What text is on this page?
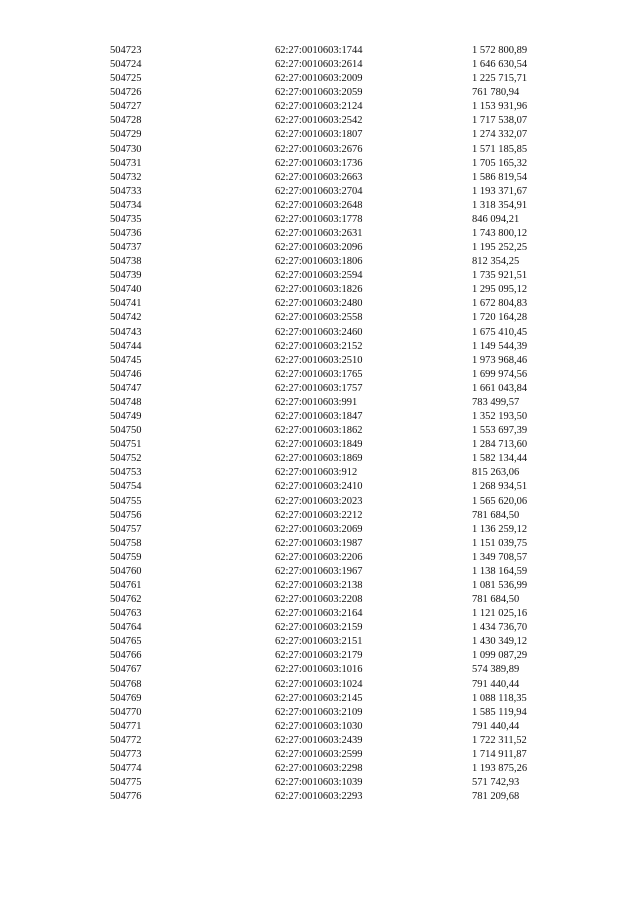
504723	62:27:0010603:1744	1 572 800,89
504724	62:27:0010603:2614	1 646 630,54
504725	62:27:0010603:2009	1 225 715,71
504726	62:27:0010603:2059	761 780,94
504727	62:27:0010603:2124	1 153 931,96
504728	62:27:0010603:2542	1 717 538,07
504729	62:27:0010603:1807	1 274 332,07
504730	62:27:0010603:2676	1 571 185,85
504731	62:27:0010603:1736	1 705 165,32
504732	62:27:0010603:2663	1 586 819,54
504733	62:27:0010603:2704	1 193 371,67
504734	62:27:0010603:2648	1 318 354,91
504735	62:27:0010603:1778	846 094,21
504736	62:27:0010603:2631	1 743 800,12
504737	62:27:0010603:2096	1 195 252,25
504738	62:27:0010603:1806	812 354,25
504739	62:27:0010603:2594	1 735 921,51
504740	62:27:0010603:1826	1 295 095,12
504741	62:27:0010603:2480	1 672 804,83
504742	62:27:0010603:2558	1 720 164,28
504743	62:27:0010603:2460	1 675 410,45
504744	62:27:0010603:2152	1 149 544,39
504745	62:27:0010603:2510	1 973 968,46
504746	62:27:0010603:1765	1 699 974,56
504747	62:27:0010603:1757	1 661 043,84
504748	62:27:0010603:991	783 499,57
504749	62:27:0010603:1847	1 352 193,50
504750	62:27:0010603:1862	1 553 697,39
504751	62:27:0010603:1849	1 284 713,60
504752	62:27:0010603:1869	1 582 134,44
504753	62:27:0010603:912	815 263,06
504754	62:27:0010603:2410	1 268 934,51
504755	62:27:0010603:2023	1 565 620,06
504756	62:27:0010603:2212	781 684,50
504757	62:27:0010603:2069	1 136 259,12
504758	62:27:0010603:1987	1 151 039,75
504759	62:27:0010603:2206	1 349 708,57
504760	62:27:0010603:1967	1 138 164,59
504761	62:27:0010603:2138	1 081 536,99
504762	62:27:0010603:2208	781 684,50
504763	62:27:0010603:2164	1 121 025,16
504764	62:27:0010603:2159	1 434 736,70
504765	62:27:0010603:2151	1 430 349,12
504766	62:27:0010603:2179	1 099 087,29
504767	62:27:0010603:1016	574 389,89
504768	62:27:0010603:1024	791 440,44
504769	62:27:0010603:2145	1 088 118,35
504770	62:27:0010603:2109	1 585 119,94
504771	62:27:0010603:1030	791 440,44
504772	62:27:0010603:2439	1 722 311,52
504773	62:27:0010603:2599	1 714 911,87
504774	62:27:0010603:2298	1 193 875,26
504775	62:27:0010603:1039	571 742,93
504776	62:27:0010603:2293	781 209,68
